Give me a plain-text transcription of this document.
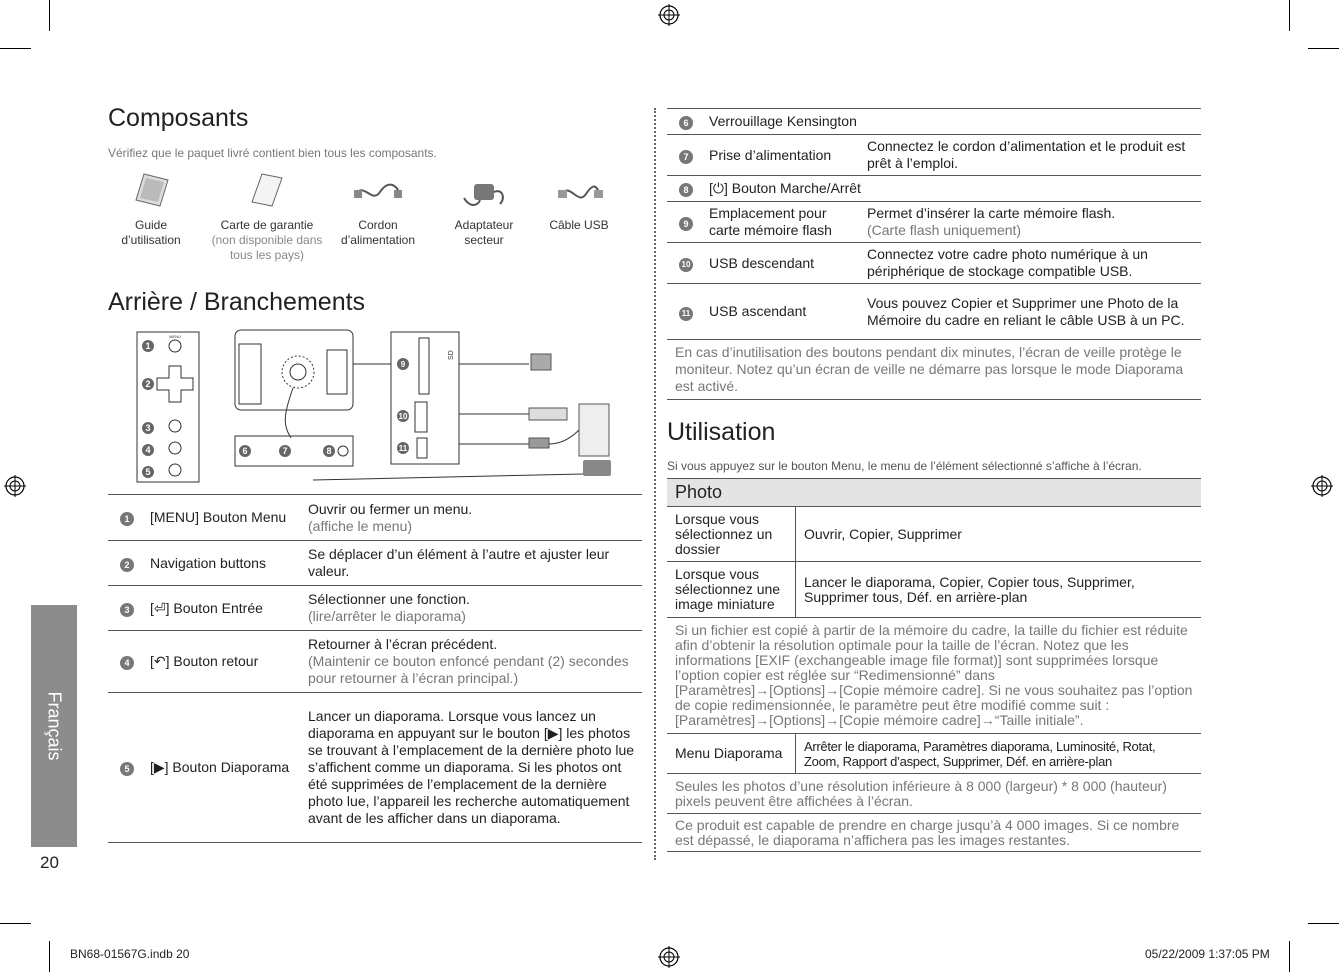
Composants
Vérifiez que le paquet livré contient bien tous les composants.
Guide
d’utilisation
Carte de garantie
(non disponible dans
tous les pays)
Cordon
d’alimentation
Adaptateur
secteur
Câble USB
Arrière / Branchements
MENU
1
2
3
4
5
6	7	8
SD
9
10
11
1	[MENU] Bouton Menu	Ouvrir ou fermer un menu.
(affiche le menu)

2	Navigation buttons	Se déplacer d’un élément à l’autre et ajuster leur valeur.
3	[⏎] Bouton Entrée	Sélectionner une fonction.
(lire/arrêter le diaporama)

4	[↶] Bouton retour	Retourner à l’écran précédent.
(Maintenir ce bouton enfoncé pendant (2) secondes pour retourner à l’écran principal.)

5	[▶] Bouton Diaporama	Lancer un diaporama. Lorsque vous lancez un diaporama en appuyant sur le bouton [▶] les photos se trouvant à l’emplacement de la dernière photo lue s’affichent comme un diaporama. Si les photos ont été supprimées de l’emplacement de la dernière photo lue, l’appareil les recherche automatiquement avant de les afficher dans un diaporama.
Français
20
6	Verrouillage Kensington	
7	Prise d’alimentation	Connectez le cordon d’alimentation et le produit est prêt à l’emploi.
8	[⏻] Bouton Marche/Arrêt	
9	Emplacement pour carte mémoire flash	Permet d’insérer la carte mémoire flash.
(Carte flash uniquement)

10	USB descendant	Connectez votre cadre photo numérique à un périphérique de stockage compatible USB.
11	USB ascendant	Vous pouvez Copier et Supprimer une Photo de la Mémoire du cadre en reliant le câble USB à un PC.
En cas d’inutilisation des boutons pendant dix minutes, l’écran de veille protège le moniteur. Notez qu’un écran de veille ne démarre pas lorsque le mode Diaporama est activé.		
Utilisation
Si vous appuyez sur le bouton Menu, le menu de l’élément sélectionné s’affiche à l’écran.
Photo	
Lorsque vous sélectionnez un dossier	Ouvrir, Copier, Supprimer
Lorsque vous sélectionnez une image miniature	Lancer le diaporama, Copier, Copier tous, Supprimer, Supprimer tous, Déf. en arrière-plan
Si un fichier est copié à partir de la mémoire du cadre, la taille du fichier est réduite afin d’obtenir la résolution optimale pour la taille de l’écran. Notez que les informations [EXIF (exchangeable image file format)] sont supprimées lorsque l’option copier est réglée sur “Redimensionné” dans [Paramètres]→[Options]→[Copie mémoire cadre]. Si ne vous souhaitez pas l’option de copie redimensionnée, le paramètre peut être modifié comme suit : [Paramètres]→[Options]→[Copie mémoire cadre]→“Taille initiale”.	
Menu Diaporama	Arrêter le diaporama, Paramètres diaporama, Luminosité, Rotat, Zoom, Rapport d’aspect, Supprimer, Déf. en arrière-plan
Seules les photos d’une résolution inférieure à 8 000 (largeur) * 8 000 (hauteur) pixels peuvent être affichées à l’écran.	
Ce produit est capable de prendre en charge jusqu’à 4 000 images. Si ce nombre est dépassé, le diaporama n’affichera pas les images restantes.	
BN68-01567G.indb 20	05/22/2009 1:37:05 PM
